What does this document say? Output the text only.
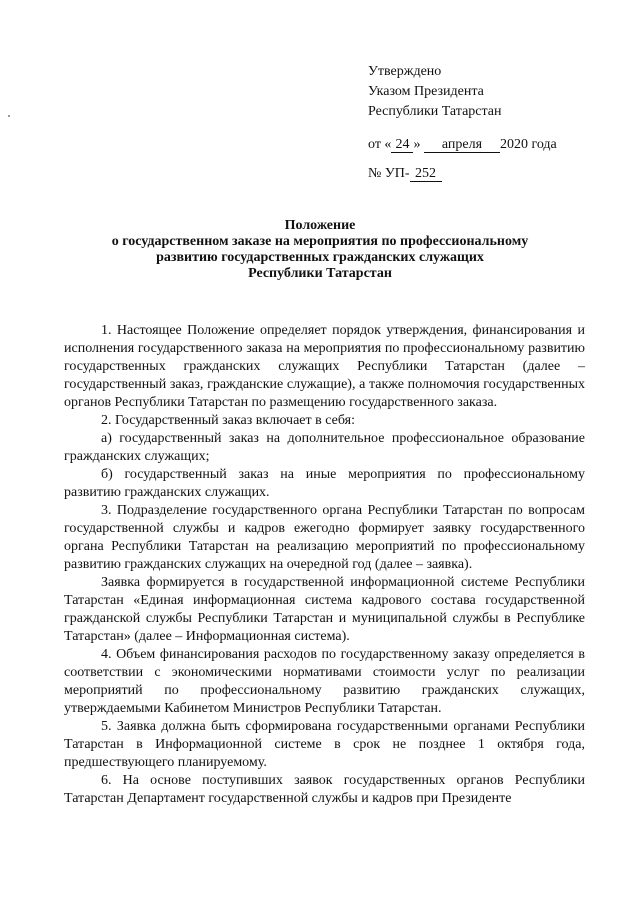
Утверждено
Указом Президента
Республики Татарстан
от « 24 » апреля 2020 года
№ УП- 252
Положение
о государственном заказе на мероприятия по профессиональному
развитию государственных гражданских служащих
Республики Татарстан

1. Настоящее Положение определяет порядок утверждения, финансирования и исполнения государственного заказа на мероприятия по профессиональному развитию государственных гражданских служащих Республики Татарстан (далее – государственный заказ, гражданские служащие), а также полномочия государственных органов Республики Татарстан по размещению государственного заказа.

2. Государственный заказ включает в себя:

а) государственный заказ на дополнительное профессиональное образование гражданских служащих;

б) государственный заказ на иные мероприятия по профессиональному развитию гражданских служащих.

3. Подразделение государственного органа Республики Татарстан по вопросам государственной службы и кадров ежегодно формирует заявку государственного органа Республики Татарстан на реализацию мероприятий по профессиональному развитию гражданских служащих на очередной год (далее – заявка).

Заявка формируется в государственной информационной системе Республики Татарстан «Единая информационная система кадрового состава государственной гражданской службы Республики Татарстан и муниципальной службы в Республике Татарстан» (далее – Информационная система).

4. Объем финансирования расходов по государственному заказу определяется в соответствии с экономическими нормативами стоимости услуг по реализации мероприятий по профессиональному развитию гражданских служащих, утверждаемыми Кабинетом Министров Республики Татарстан.

5. Заявка должна быть сформирована государственными органами Республики Татарстан в Информационной системе в срок не позднее 1 октября года, предшествующего планируемому.

6. На основе поступивших заявок государственных органов Республики Татарстан Департамент государственной службы и кадров при Президенте
